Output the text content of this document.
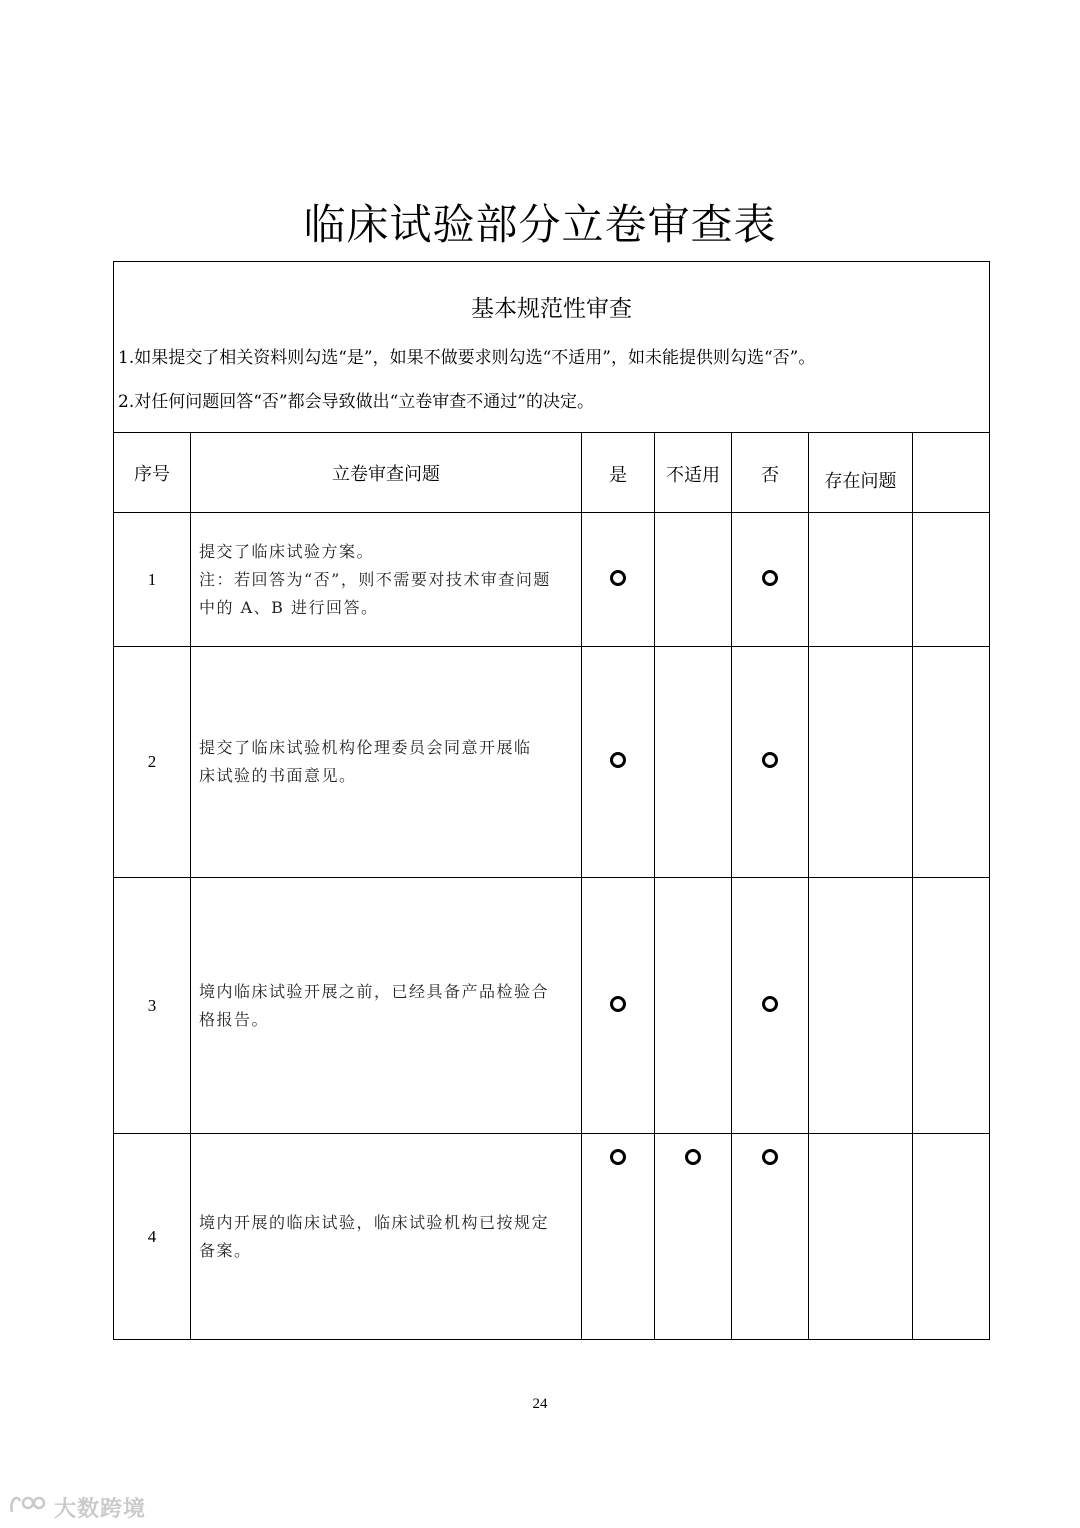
临床试验部分立卷审查表
基本规范性审查
1.如果提交了相关资料则勾选“是”，如果不做要求则勾选“不适用”，如未能提供则勾选“否”。
2.对任何问题回答“否”都会导致做出“立卷审查不通过”的决定。						

序号	立卷审查问题	是	不适用	否	存在问题	
1	提交了临床试验方案。
注：若回答为“否”，则不需要对技术审查问题
中的 A、B 进行回答。					

2	提交了临床试验机构伦理委员会同意开展临
床试验的书面意见。					

3	境内临床试验开展之前，已经具备产品检验合
格报告。					

4	境内开展的临床试验，临床试验机构已按规定
备案。					

24
大数跨境
